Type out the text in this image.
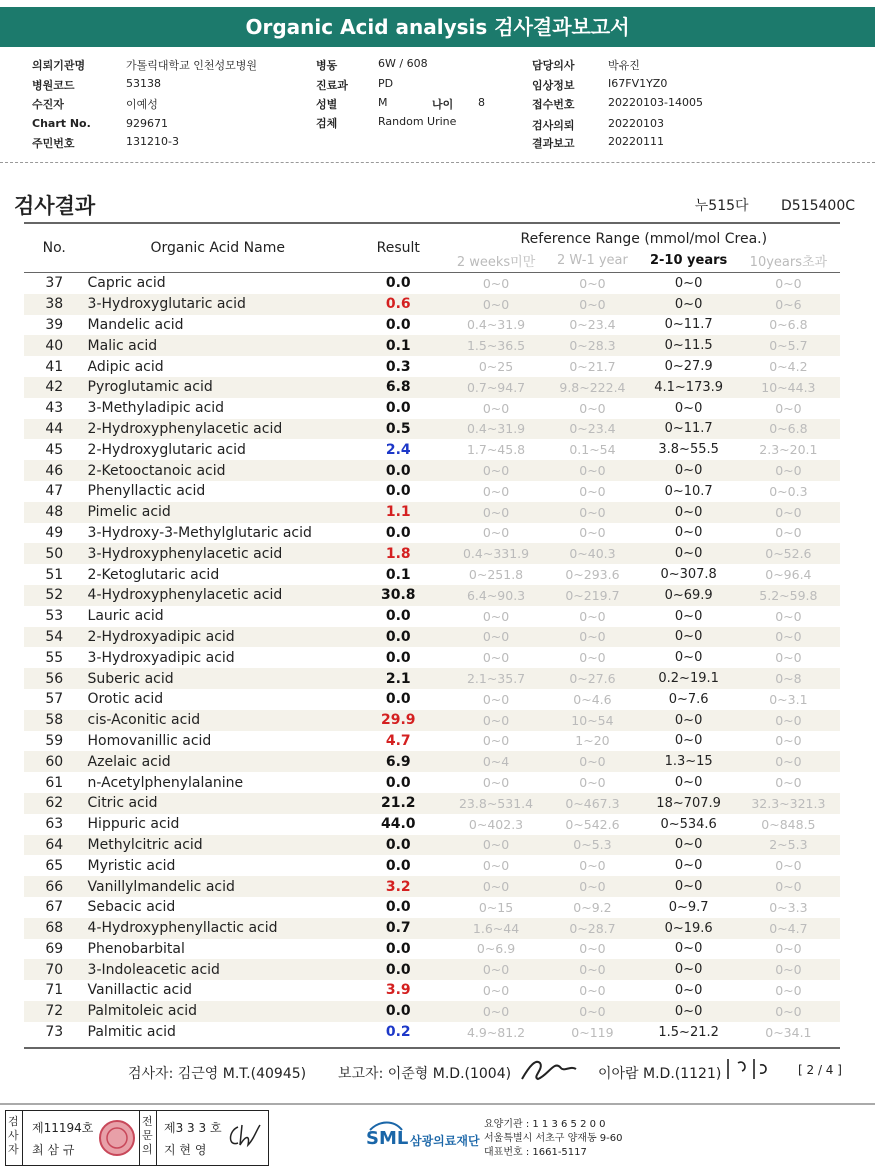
Organic Acid analysis 검사결과보고서
의뢰기관명	가톨릭대학교 인천성모병원
병원코드	53138
수진자	이예성
Chart No.	929671
주민번호	131210-3
병동	6W / 608
진료과	PD
성별	M	나이 8
검체	Random Urine
담당의사	박유진
임상정보	I67FV1YZ0
접수번호	20220103-14005
검사의뢰	20220103
결과보고	20220111
검사결과	누515다 D515400C
No.	Organic Acid Name	Result	Reference Range (mmol/mol Crea.)			
			2 weeks미만	2 W-1 year	2-10 years	10years초과
37	Capric acid	0.0	0~0	0~0	0~0	0~0
38	3-Hydroxyglutaric acid	0.6	0~0	0~0	0~0	0~6
39	Mandelic acid	0.0	0.4~31.9	0~23.4	0~11.7	0~6.8
40	Malic acid	0.1	1.5~36.5	0~28.3	0~11.5	0~5.7
41	Adipic acid	0.3	0~25	0~21.7	0~27.9	0~4.2
42	Pyroglutamic acid	6.8	0.7~94.7	9.8~222.4	4.1~173.9	10~44.3
43	3-Methyladipic acid	0.0	0~0	0~0	0~0	0~0
44	2-Hydroxyphenylacetic acid	0.5	0.4~31.9	0~23.4	0~11.7	0~6.8
45	2-Hydroxyglutaric acid	2.4	1.7~45.8	0.1~54	3.8~55.5	2.3~20.1
46	2-Ketooctanoic acid	0.0	0~0	0~0	0~0	0~0
47	Phenyllactic acid	0.0	0~0	0~0	0~10.7	0~0.3
48	Pimelic acid	1.1	0~0	0~0	0~0	0~0
49	3-Hydroxy-3-Methylglutaric acid	0.0	0~0	0~0	0~0	0~0
50	3-Hydroxyphenylacetic acid	1.8	0.4~331.9	0~40.3	0~0	0~52.6
51	2-Ketoglutaric acid	0.1	0~251.8	0~293.6	0~307.8	0~96.4
52	4-Hydroxyphenylacetic acid	30.8	6.4~90.3	0~219.7	0~69.9	5.2~59.8
53	Lauric acid	0.0	0~0	0~0	0~0	0~0
54	2-Hydroxyadipic acid	0.0	0~0	0~0	0~0	0~0
55	3-Hydroxyadipic acid	0.0	0~0	0~0	0~0	0~0
56	Suberic acid	2.1	2.1~35.7	0~27.6	0.2~19.1	0~8
57	Orotic acid	0.0	0~0	0~4.6	0~7.6	0~3.1
58	cis-Aconitic acid	29.9	0~0	10~54	0~0	0~0
59	Homovanillic acid	4.7	0~0	1~20	0~0	0~0
60	Azelaic acid	6.9	0~4	0~0	1.3~15	0~0
61	n-Acetylphenylalanine	0.0	0~0	0~0	0~0	0~0
62	Citric acid	21.2	23.8~531.4	0~467.3	18~707.9	32.3~321.3
63	Hippuric acid	44.0	0~402.3	0~542.6	0~534.6	0~848.5
64	Methylcitric acid	0.0	0~0	0~5.3	0~0	2~5.3
65	Myristic acid	0.0	0~0	0~0	0~0	0~0
66	Vanillylmandelic acid	3.2	0~0	0~0	0~0	0~0
67	Sebacic acid	0.0	0~15	0~9.2	0~9.7	0~3.3
68	4-Hydroxyphenyllactic acid	0.7	1.6~44	0~28.7	0~19.6	0~4.7
69	Phenobarbital	0.0	0~6.9	0~0	0~0	0~0
70	3-Indoleacetic acid	0.0	0~0	0~0	0~0	0~0
71	Vanillactic acid	3.9	0~0	0~0	0~0	0~0
72	Palmitoleic acid	0.0	0~0	0~0	0~0	0~0
73	Palmitic acid	0.2	4.9~81.2	0~119	1.5~21.2	0~34.1
검사자: 김근영 M.T.(40945) 보고자: 이준형 M.D.(1004)	이아람 M.D.(1121)	[ 2 / 4 ]
검사자
제11194호
최 삼 규
전문의
제3 3 3 호
지 현 영
SML 삼광의료재단
요양기관 : 1 1 3 6 5 2 0 0
서울특별시 서초구 양재동 9-60
대표번호 : 1661-5117
